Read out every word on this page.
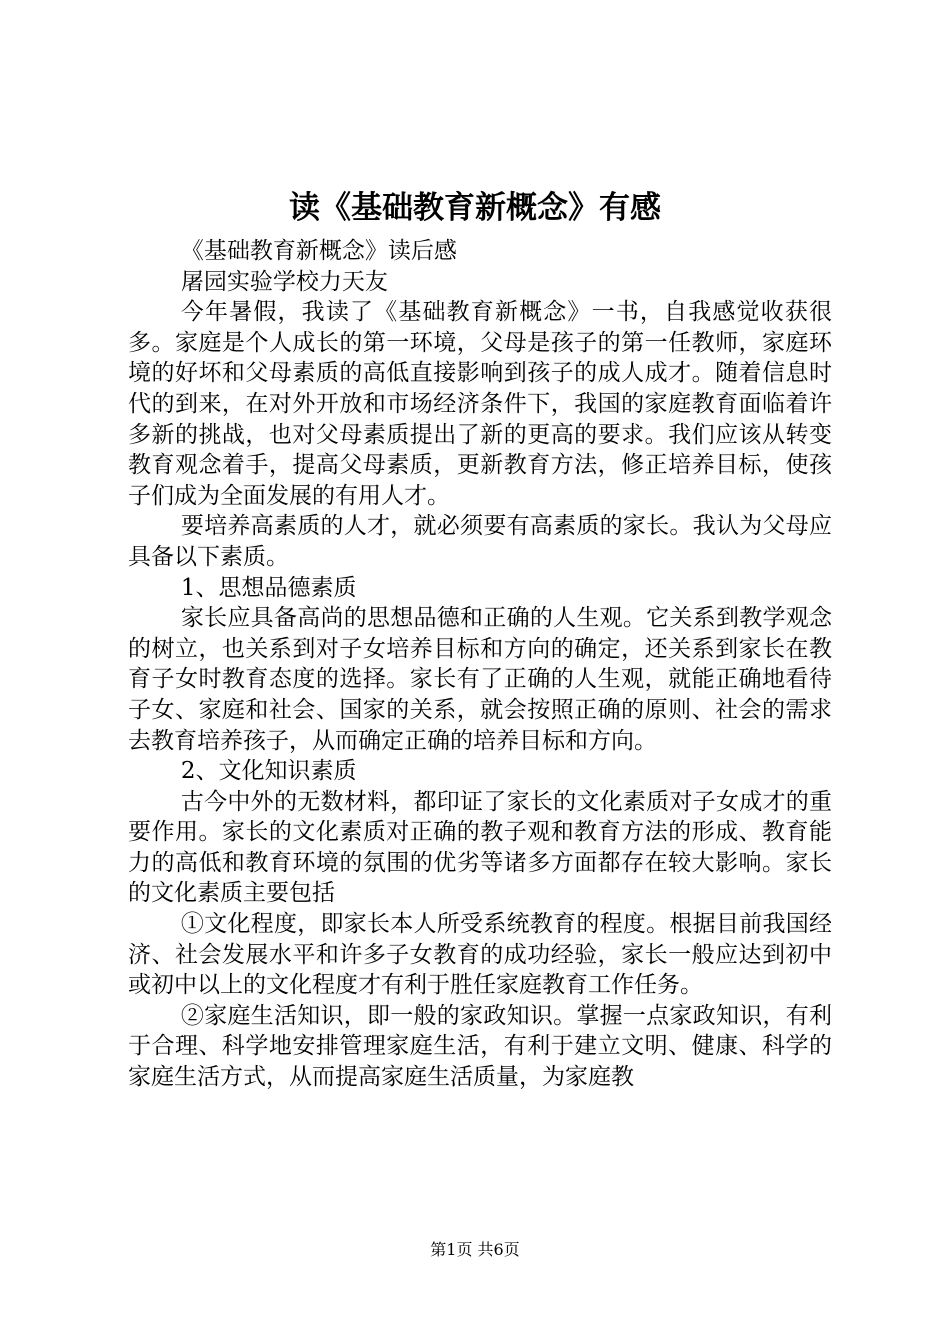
读《基础教育新概念》有感

《基础教育新概念》读后感

屠园实验学校力天友

今年暑假，我读了《基础教育新概念》一书，自我感觉收获很多。家庭是个人成长的第一环境，父母是孩子的第一任教师，家庭环境的好坏和父母素质的高低直接影响到孩子的成人成才。随着信息时代的到来，在对外开放和市场经济条件下，我国的家庭教育面临着许多新的挑战，也对父母素质提出了新的更高的要求。我们应该从转变教育观念着手，提高父母素质，更新教育方法，修正培养目标，使孩子们成为全面发展的有用人才。

要培养高素质的人才，就必须要有高素质的家长。我认为父母应具备以下素质。

1、思想品德素质

家长应具备高尚的思想品德和正确的人生观。它关系到教学观念的树立，也关系到对子女培养目标和方向的确定，还关系到家长在教育子女时教育态度的选择。家长有了正确的人生观，就能正确地看待子女、家庭和社会、国家的关系，就会按照正确的原则、社会的需求去教育培养孩子，从而确定正确的培养目标和方向。

2、文化知识素质

古今中外的无数材料，都印证了家长的文化素质对子女成才的重要作用。家长的文化素质对正确的教子观和教育方法的形成、教育能力的高低和教育环境的氛围的优劣等诸多方面都存在较大影响。家长的文化素质主要包括

①文化程度，即家长本人所受系统教育的程度。根据目前我国经济、社会发展水平和许多子女教育的成功经验，家长一般应达到初中或初中以上的文化程度才有利于胜任家庭教育工作任务。

②家庭生活知识，即一般的家政知识。掌握一点家政知识，有利于合理、科学地安排管理家庭生活，有利于建立文明、健康、科学的家庭生活方式，从而提高家庭生活质量，为家庭教

第1页 共6页
